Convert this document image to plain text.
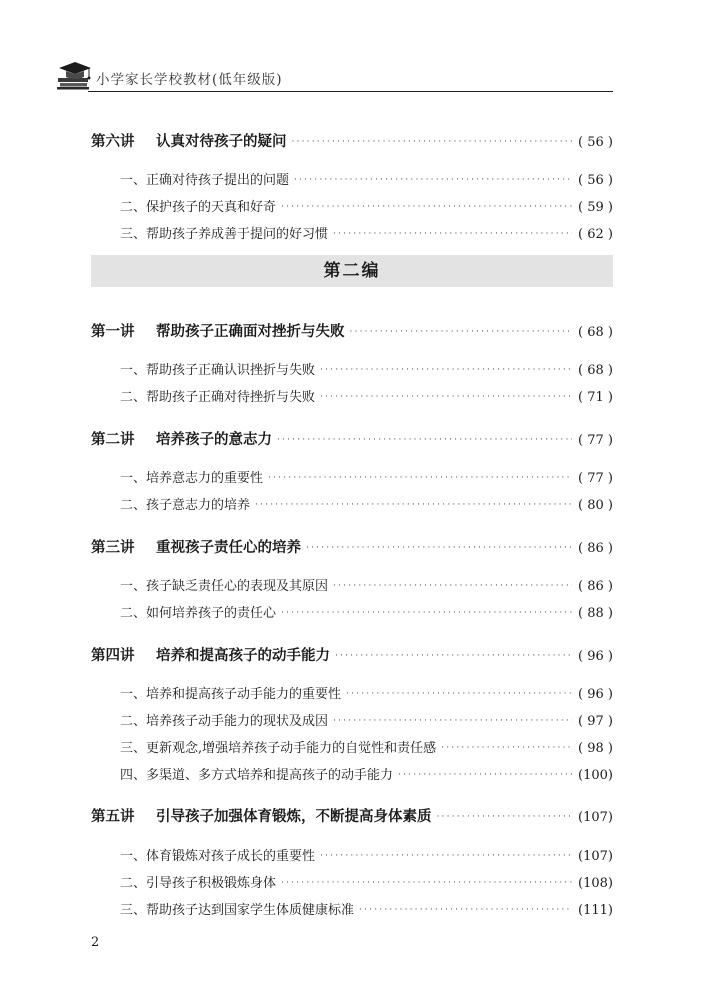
小学家长学校教材(低年级版)
第六讲	认真对待孩子的疑问 ·····	( 56 )
一、正确对待孩子提出的问题 ·····	( 56 )
二、保护孩子的天真和好奇 ·····	( 59 )
三、帮助孩子养成善于提问的好习惯 ·····	( 62 )
第二编
第一讲	帮助孩子正确面对挫折与失败 ·····	( 68 )
一、帮助孩子正确认识挫折与失败 ·····	( 68 )
二、帮助孩子正确对待挫折与失败 ·····	( 71 )
第二讲	培养孩子的意志力 ·····	( 77 )
一、培养意志力的重要性 ·····	( 77 )
二、孩子意志力的培养 ·····	( 80 )
第三讲	重视孩子责任心的培养 ·····	( 86 )
一、孩子缺乏责任心的表现及其原因 ·····	( 86 )
二、如何培养孩子的责任心 ·····	( 88 )
第四讲	培养和提高孩子的动手能力 ·····	( 96 )
一、培养和提高孩子动手能力的重要性 ·····	( 96 )
二、培养孩子动手能力的现状及成因 ·····	( 97 )
三、更新观念,增强培养孩子动手能力的自觉性和责任感 ·····	( 98 )
四、多渠道、多方式培养和提高孩子的动手能力 ·····	(100)
第五讲	引导孩子加强体育锻炼，不断提高身体素质 ·····	(107)
一、体育锻炼对孩子成长的重要性 ·····	(107)
二、引导孩子积极锻炼身体 ·····	(108)
三、帮助孩子达到国家学生体质健康标准 ·····	(111)
2
